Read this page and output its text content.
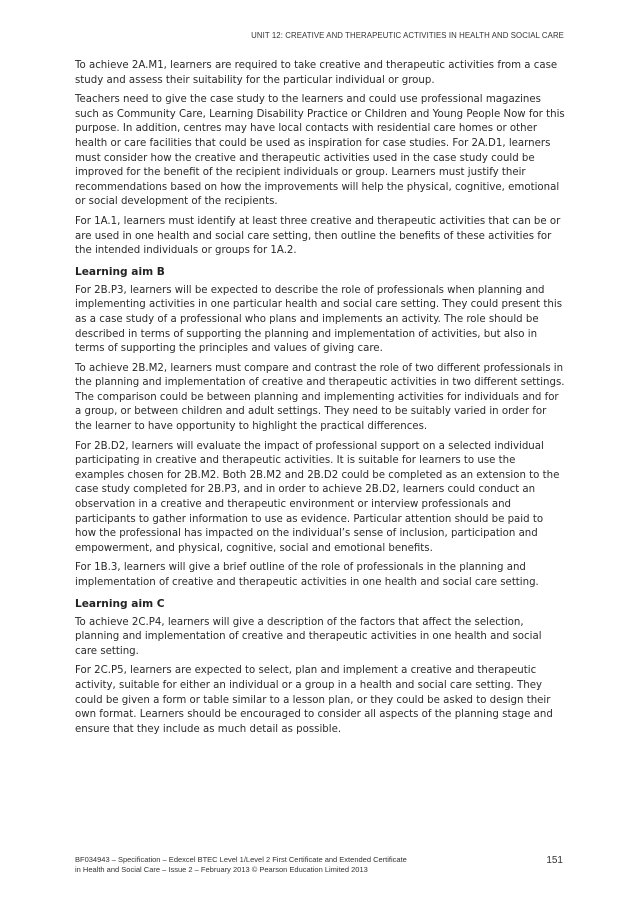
UNIT 12: CREATIVE AND THERAPEUTIC ACTIVITIES IN HEALTH AND SOCIAL CARE

To achieve 2A.M1, learners are required to take creative and therapeutic activities from a case study and assess their suitability for the particular individual or group.

Teachers need to give the case study to the learners and could use professional magazines such as Community Care, Learning Disability Practice or Children and Young People Now for this purpose. In addition, centres may have local contacts with residential care homes or other health or care facilities that could be used as inspiration for case studies. For 2A.D1, learners must consider how the creative and therapeutic activities used in the case study could be improved for the benefit of the recipient individuals or group. Learners must justify their recommendations based on how the improvements will help the physical, cognitive, emotional or social development of the recipients.

For 1A.1, learners must identify at least three creative and therapeutic activities that can be or are used in one health and social care setting, then outline the benefits of these activities for the intended individuals or groups for 1A.2.

Learning aim B

For 2B.P3, learners will be expected to describe the role of professionals when planning and implementing activities in one particular health and social care setting. They could present this as a case study of a professional who plans and implements an activity. The role should be described in terms of supporting the planning and implementation of activities, but also in terms of supporting the principles and values of giving care.

To achieve 2B.M2, learners must compare and contrast the role of two different professionals in the planning and implementation of creative and therapeutic activities in two different settings. The comparison could be between planning and implementing activities for individuals and for a group, or between children and adult settings. They need to be suitably varied in order for the learner to have opportunity to highlight the practical differences.

For 2B.D2, learners will evaluate the impact of professional support on a selected individual participating in creative and therapeutic activities. It is suitable for learners to use the examples chosen for 2B.M2. Both 2B.M2 and 2B.D2 could be completed as an extension to the case study completed for 2B.P3, and in order to achieve 2B.D2, learners could conduct an observation in a creative and therapeutic environment or interview professionals and participants to gather information to use as evidence. Particular attention should be paid to how the professional has impacted on the individual’s sense of inclusion, participation and empowerment, and physical, cognitive, social and emotional benefits.

For 1B.3, learners will give a brief outline of the role of professionals in the planning and implementation of creative and therapeutic activities in one health and social care setting.

Learning aim C

To achieve 2C.P4, learners will give a description of the factors that affect the selection, planning and implementation of creative and therapeutic activities in one health and social care setting.

For 2C.P5, learners are expected to select, plan and implement a creative and therapeutic activity, suitable for either an individual or a group in a health and social care setting. They could be given a form or table similar to a lesson plan, or they could be asked to design their own format. Learners should be encouraged to consider all aspects of the planning stage and ensure that they include as much detail as possible.

BF034943 – Specification – Edexcel BTEC Level 1/Level 2 First Certificate and Extended Certificate
in Health and Social Care – Issue 2 – February 2013 © Pearson Education Limited 2013
151
